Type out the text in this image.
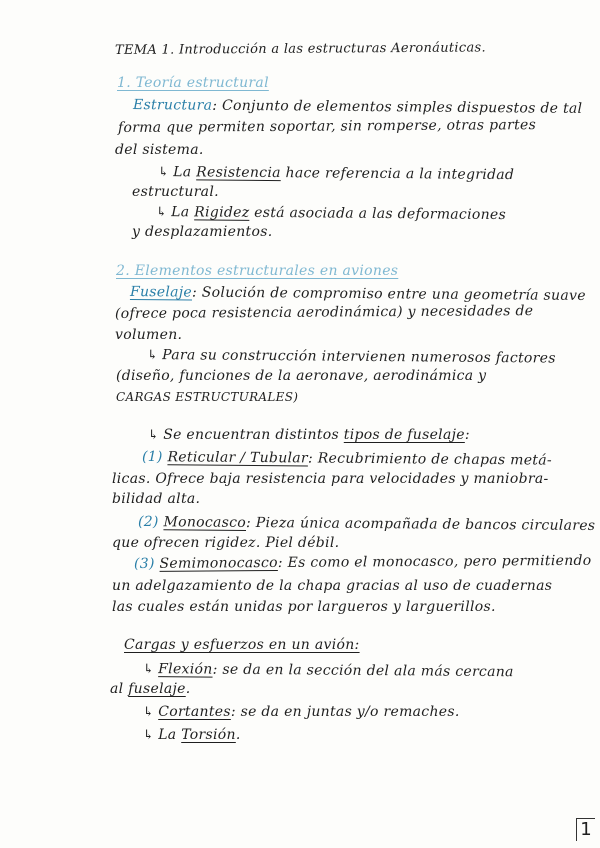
TEMA 1. Introducción a las estructuras Aeronáuticas.
1. Teoría estructural
Estructura: Conjunto de elementos simples dispuestos de tal
forma que permiten soportar, sin romperse, otras partes
del sistema.
↳ La Resistencia hace referencia a la integridad
estructural.
↳ La Rigidez está asociada a las deformaciones
y desplazamientos.
2. Elementos estructurales en aviones
Fuselaje: Solución de compromiso entre una geometría suave
(ofrece poca resistencia aerodinámica) y necesidades de
volumen.
↳ Para su construcción intervienen numerosos factores
(diseño, funciones de la aeronave, aerodinámica y
CARGAS ESTRUCTURALES)
↳ Se encuentran distintos tipos de fuselaje:
(1) Reticular / Tubular: Recubrimiento de chapas metá-
licas. Ofrece baja resistencia para velocidades y maniobra-
bilidad alta.
(2) Monocasco: Pieza única acompañada de bancos circulares
que ofrecen rigidez. Piel débil.
(3) Semimonocasco: Es como el monocasco, pero permitiendo
un adelgazamiento de la chapa gracias al uso de cuadernas
las cuales están unidas por largueros y larguerillos.
Cargas y esfuerzos en un avión:
↳ Flexión: se da en la sección del ala más cercana
al fuselaje.
↳ Cortantes: se da en juntas y/o remaches.
↳ La Torsión.
1
